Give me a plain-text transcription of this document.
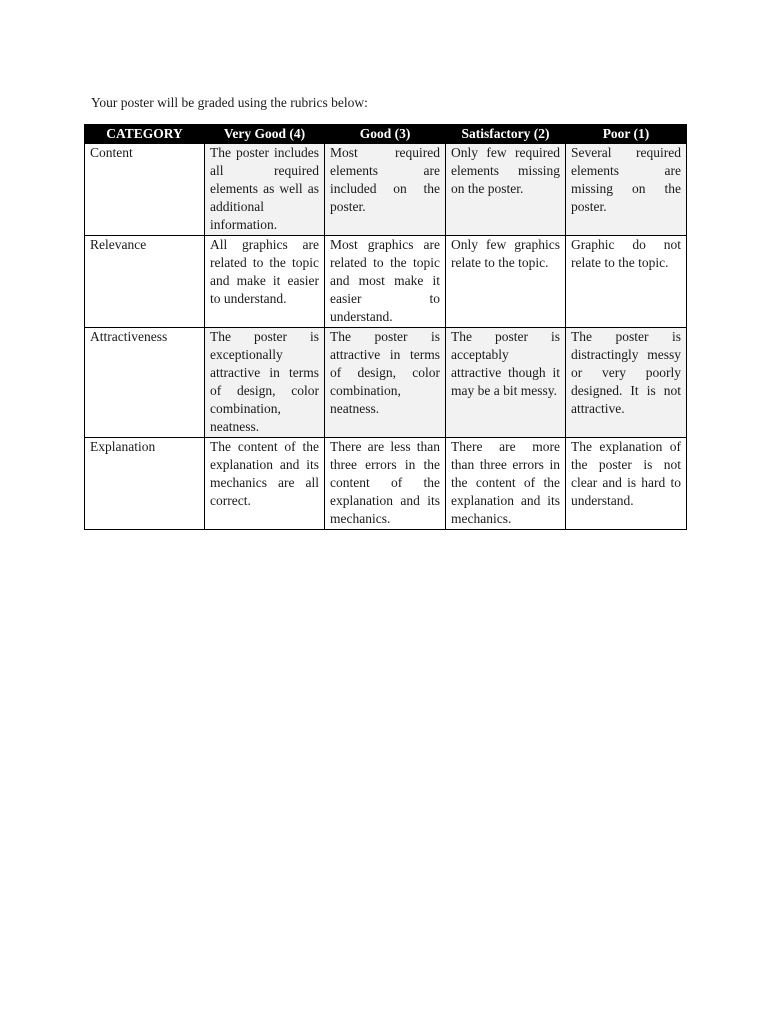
Your poster will be graded using the rubrics below:

CATEGORY	Very Good (4)	Good (3)	Satisfactory (2)	Poor (1)
Content	The poster includes all required elements as well as additional information.	Most required elements are included on the poster.	Only few required elements missing on the poster.	Several required elements are missing on the poster.
Relevance	All graphics are related to the topic and make it easier to understand.	Most graphics are related to the topic and most make it easier to understand.	Only few graphics relate to the topic.	Graphic do not relate to the topic.
Attractiveness	The poster is exceptionally attractive in terms of design, color combination, neatness.	The poster is attractive in terms of design, color combination, neatness.	The poster is acceptably attractive though it may be a bit messy.	The poster is distractingly messy or very poorly designed. It is not attractive.
Explanation	The content of the explanation and its mechanics are all correct.	There are less than three errors in the content of the explanation and its mechanics.	There are more than three errors in the content of the explanation and its mechanics.	The explanation of the poster is not clear and is hard to understand.
